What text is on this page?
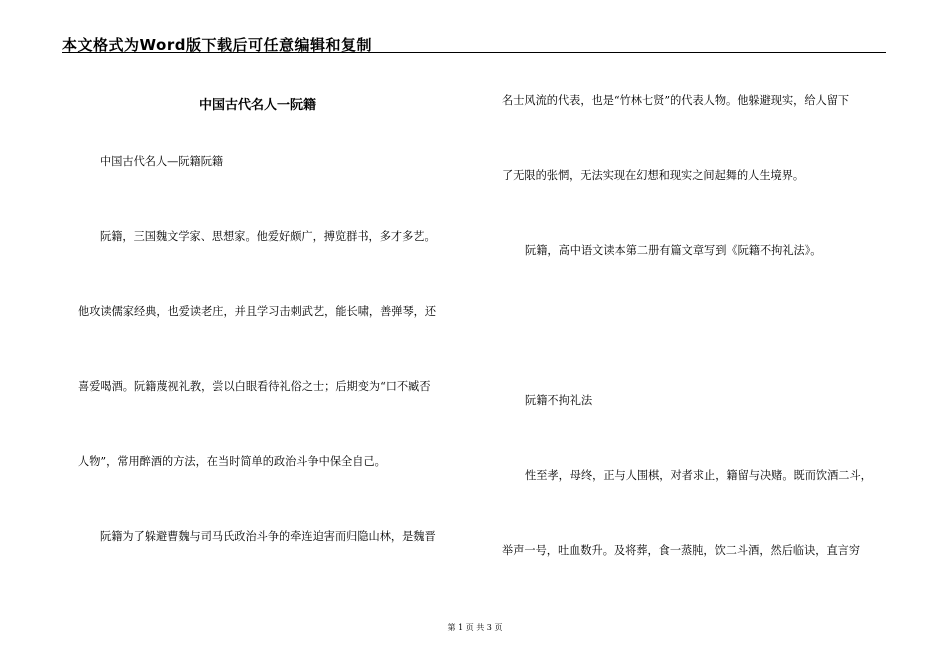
本文格式为Word版下载后可任意编辑和复制
中国古代名人一阮籍
中国古代名人—阮籍阮籍
阮籍，三国魏文学家、思想家。他爱好颇广，搏览群书，多才多艺。
他攻读儒家经典，也爱读老庄，并且学习击刺武艺，能长啸，善弹琴，还
喜爱喝酒。阮籍蔑视礼教，尝以白眼看待礼俗之士；后期变为“口不臧否
人物”，常用醉酒的方法，在当时简单的政治斗争中保全自己。
阮籍为了躲避曹魏与司马氏政治斗争的牵连迫害而归隐山林，是魏晋
名士风流的代表，也是“竹林七贤”的代表人物。他躲避现实，给人留下
了无限的张惘，无法实现在幻想和现实之间起舞的人生境界。
阮籍，高中语文读本第二册有篇文章写到《阮籍不拘礼法》。
阮籍不拘礼法
性至孝，母终，正与人围棋，对者求止，籍留与决赌。既而饮酒二斗，
举声一号，吐血数升。及将葬，食一蒸肫，饮二斗酒，然后临诀，直言穷
第 1 页 共 3 页
